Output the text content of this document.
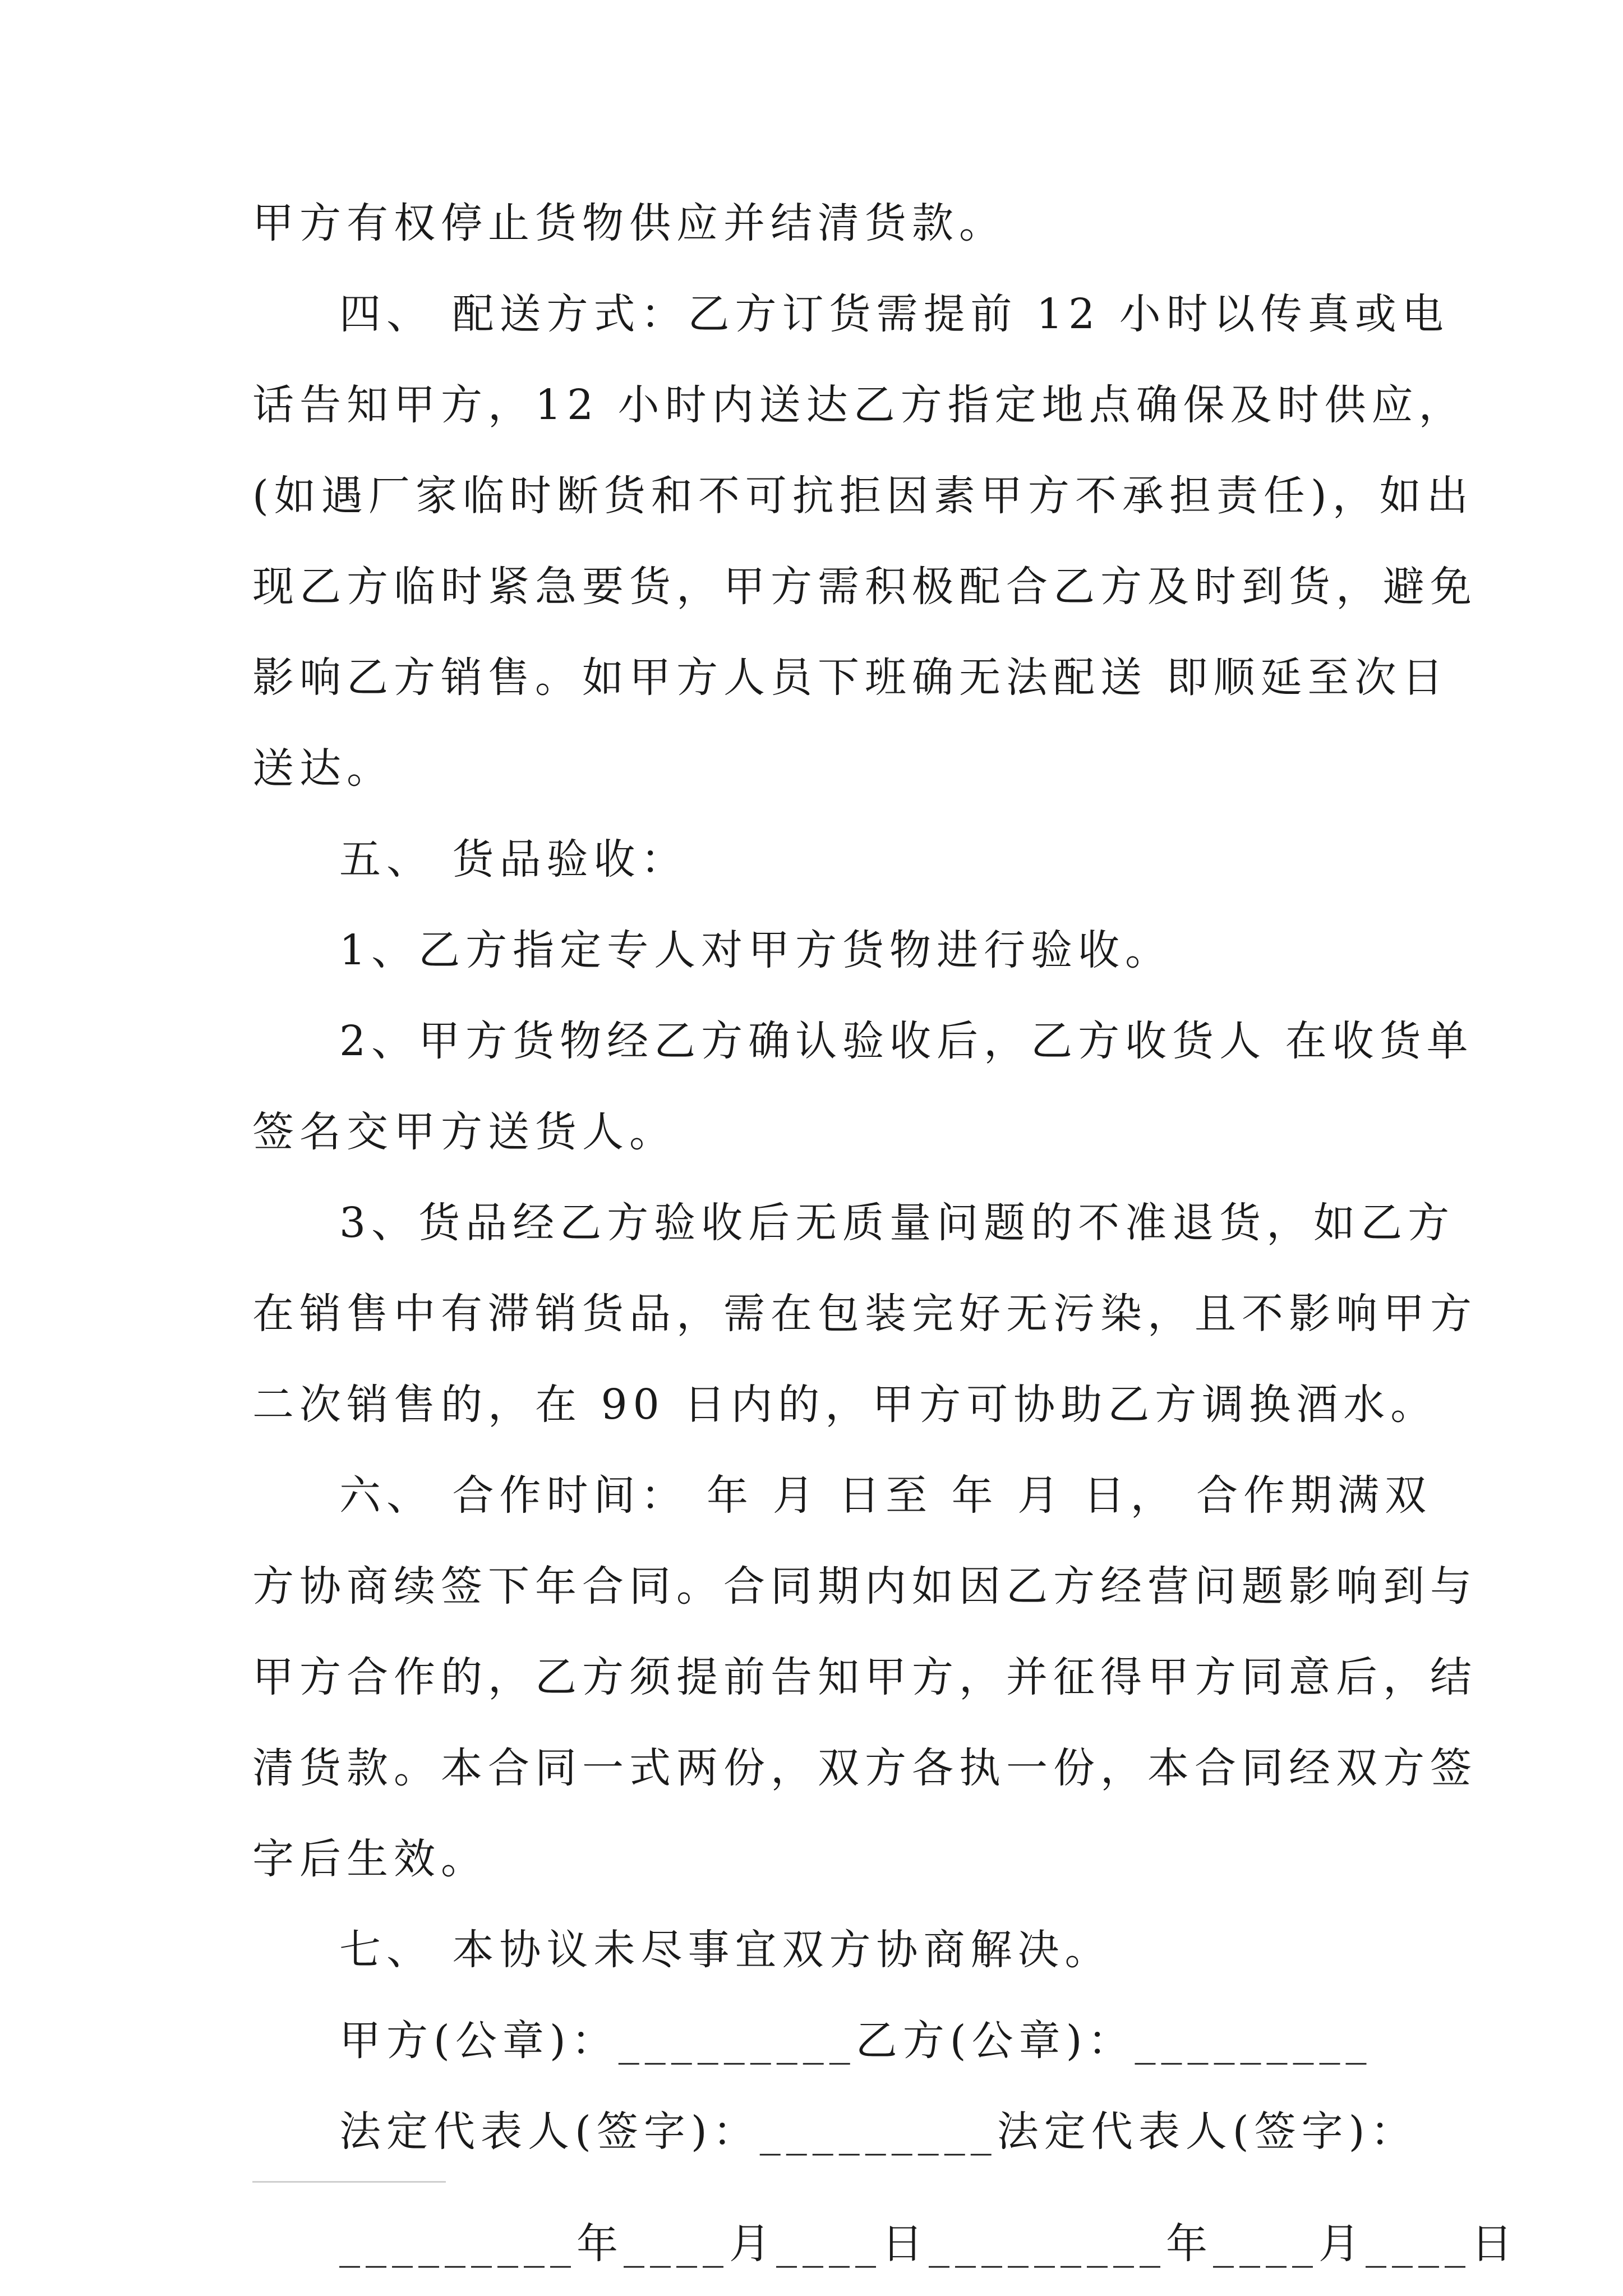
甲方有权停止货物供应并结清货款。
四、 配送方式：乙方订货需提前 12 小时以传真或电
话告知甲方，12 小时内送达乙方指定地点确保及时供应，
(如遇厂家临时断货和不可抗拒因素甲方不承担责任)，如出
现乙方临时紧急要货，甲方需积极配合乙方及时到货，避免
影响乙方销售。如甲方人员下班确无法配送 即顺延至次日
送达。
五、 货品验收：
1、乙方指定专人对甲方货物进行验收。
2、甲方货物经乙方确认验收后，乙方收货人 在收货单
签名交甲方送货人。
3、货品经乙方验收后无质量问题的不准退货，如乙方
在销售中有滞销货品，需在包装完好无污染，且不影响甲方
二次销售的，在 90 日内的，甲方可协助乙方调换酒水。
六、 合作时间： 年 月 日至 年 月 日， 合作期满双
方协商续签下年合同。合同期内如因乙方经营问题影响到与
甲方合作的，乙方须提前告知甲方，并征得甲方同意后，结
清货款。本合同一式两份，双方各执一份，本合同经双方签
字后生效。
七、 本协议未尽事宜双方协商解决。
甲方(公章)：_________乙方(公章)：_________
法定代表人(签字)：_________法定代表人(签字)：
_________年____月____日_________年____月____日
